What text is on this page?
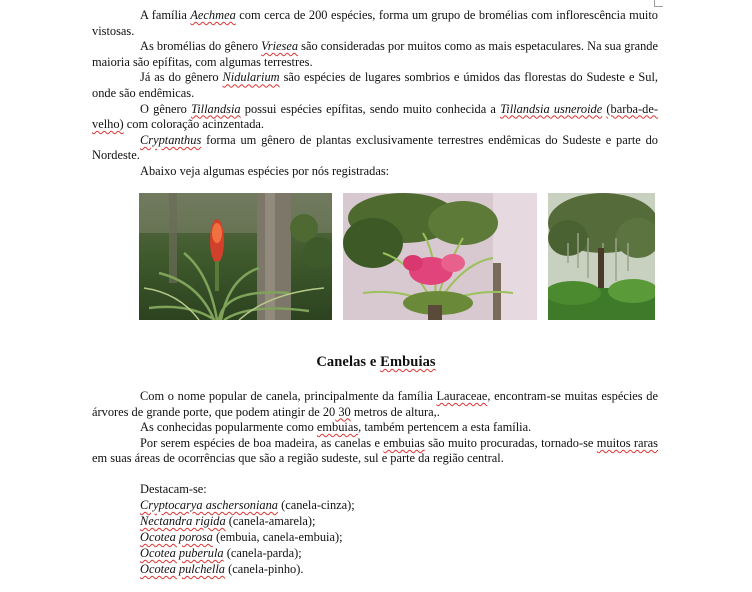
A família Aechmea com cerca de 200 espécies, forma um grupo de bromélias com inflorescência muito vistosas.

As bromélias do gênero Vriesea são consideradas por muitos como as mais espetaculares. Na sua grande maioria são epífitas, com algumas terrestres.

Já as do gênero Nidularium são espécies de lugares sombrios e úmidos das florestas do Sudeste e Sul, onde são endêmicas.

O gênero Tillandsia possui espécies epífitas, sendo muito conhecida a Tillandsia usneroide (barba-de-velho) com coloração acinzentada.

Cryptanthus forma um gênero de plantas exclusivamente terrestres endêmicas do Sudeste e parte do Nordeste.

Abaixo veja algumas espécies por nós registradas:

Canelas e Embuias

Com o nome popular de canela, principalmente da família Lauraceae, encontram-se muitas espécies de árvores de grande porte, que podem atingir de 20 30 metros de altura,.

As conhecidas popularmente como embuias, também pertencem a esta família.

Por serem espécies de boa madeira, as canelas e embuias são muito procuradas, tornado-se muitos raras em suas áreas de ocorrências que são a região sudeste, sul e parte da região central.

Destacam-se:
Cryptocarya aschersoniana (canela-cinza);
Nectandra rigida (canela-amarela);
Ocotea porosa (embuia, canela-embuia);
Ocotea puberula (canela-parda);
Ocotea pulchella (canela-pinho).
